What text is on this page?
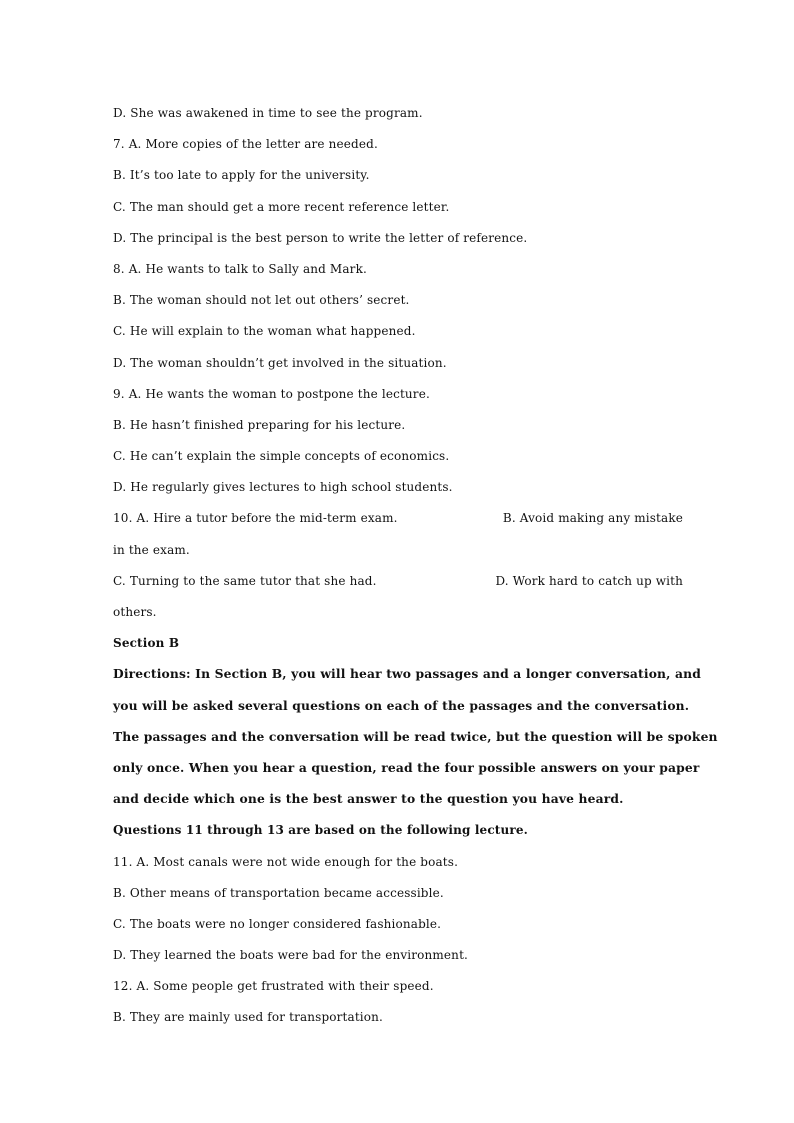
D. She was awakened in time to see the program.
7. A. More copies of the letter are needed.
B. It’s too late to apply for the university.
C. The man should get a more recent reference letter.
D. The principal is the best person to write the letter of reference.
8. A. He wants to talk to Sally and Mark.
B. The woman should not let out others’ secret.
C. He will explain to the woman what happened.
D. The woman shouldn’t get involved in the situation.
9. A. He wants the woman to postpone the lecture.
B. He hasn’t finished preparing for his lecture.
C. He can’t explain the simple concepts of economics.
D. He regularly gives lectures to high school students.
10. A. Hire a tutor before the mid-term exam.	B. Avoid making any mistake
in the exam.
C. Turning to the same tutor that she had.	D. Work hard to catch up with
others.
Section B
Directions: In Section B, you will hear two passages and a longer conversation, and
you will be asked several questions on each of the passages and the conversation.
The passages and the conversation will be read twice, but the question will be spoken
only once. When you hear a question, read the four possible answers on your paper
and decide which one is the best answer to the question you have heard.
Questions 11 through 13 are based on the following lecture.
11. A. Most canals were not wide enough for the boats.
B. Other means of transportation became accessible.
C. The boats were no longer considered fashionable.
D. They learned the boats were bad for the environment.
12. A. Some people get frustrated with their speed.
B. They are mainly used for transportation.
